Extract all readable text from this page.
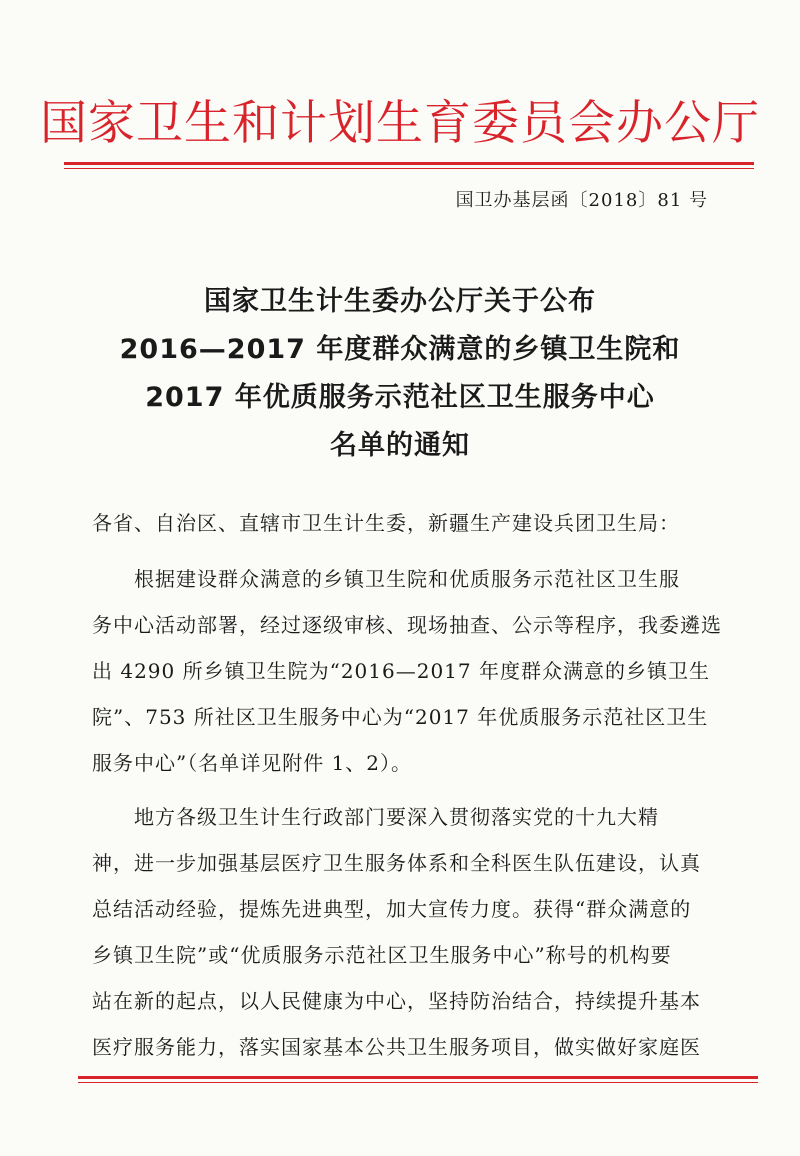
国家卫生和计划生育委员会办公厅
国卫办基层函〔2018〕81 号
国家卫生计生委办公厅关于公布
2016—2017 年度群众满意的乡镇卫生院和
2017 年优质服务示范社区卫生服务中心
名单的通知
各省、自治区、直辖市卫生计生委，新疆生产建设兵团卫生局：
　　根据建设群众满意的乡镇卫生院和优质服务示范社区卫生服
务中心活动部署，经过逐级审核、现场抽查、公示等程序，我委遴选
出 4290 所乡镇卫生院为“2016—2017 年度群众满意的乡镇卫生
院”、753 所社区卫生服务中心为“2017 年优质服务示范社区卫生
服务中心”（名单详见附件 1、2）。
　　地方各级卫生计生行政部门要深入贯彻落实党的十九大精
神，进一步加强基层医疗卫生服务体系和全科医生队伍建设，认真
总结活动经验，提炼先进典型，加大宣传力度。获得“群众满意的
乡镇卫生院”或“优质服务示范社区卫生服务中心”称号的机构要
站在新的起点，以人民健康为中心，坚持防治结合，持续提升基本
医疗服务能力，落实国家基本公共卫生服务项目，做实做好家庭医
